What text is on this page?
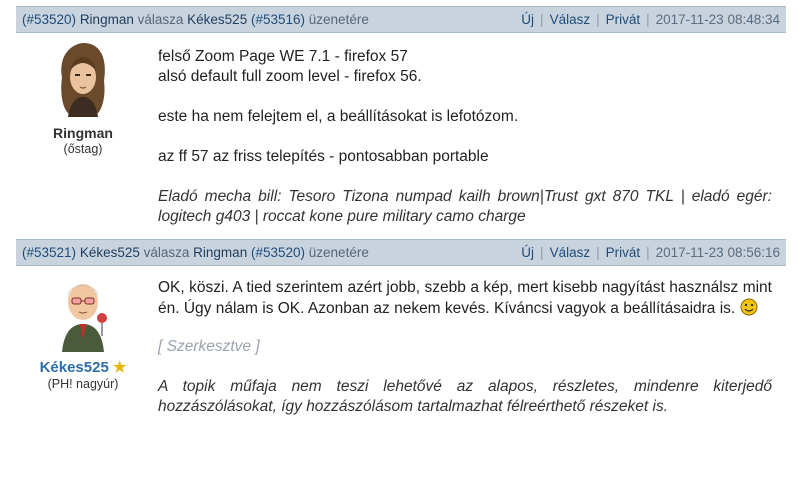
(#53520) Ringman válasza Kékes525 (#53516) üzenetére	Új | Válasz | Privát | 2017-11-23 08:48:34
Ringman
(őstag)
felső Zoom Page WE 7.1 - firefox 57
alsó default full zoom level - firefox 56.
este ha nem felejtem el, a beállításokat is lefotózom.
az ff 57 az friss telepítés - pontosabban portable
Eladó mecha bill: Tesoro Tizona numpad kailh brown|Trust gxt 870 TKL | eladó egér: logitech g403 | roccat kone pure military camo charge
(#53521) Kékes525 válasza Ringman (#53520) üzenetére	Új | Válasz | Privát | 2017-11-23 08:56:16
Kékes525 ★
(PH! nagyúr)
OK, köszi. A tied szerintem azért jobb, szebb a kép, mert kisebb nagyítást használsz mint én. Úgy nálam is OK. Azonban az nekem kevés. Kíváncsi vagyok a beállításaidra is.
[ Szerkesztve ]
A topik műfaja nem teszi lehetővé az alapos, részletes, mindenre kiterjedő hozzászólásokat, így hozzászólásom tartalmazhat félreérthető részeket is.
